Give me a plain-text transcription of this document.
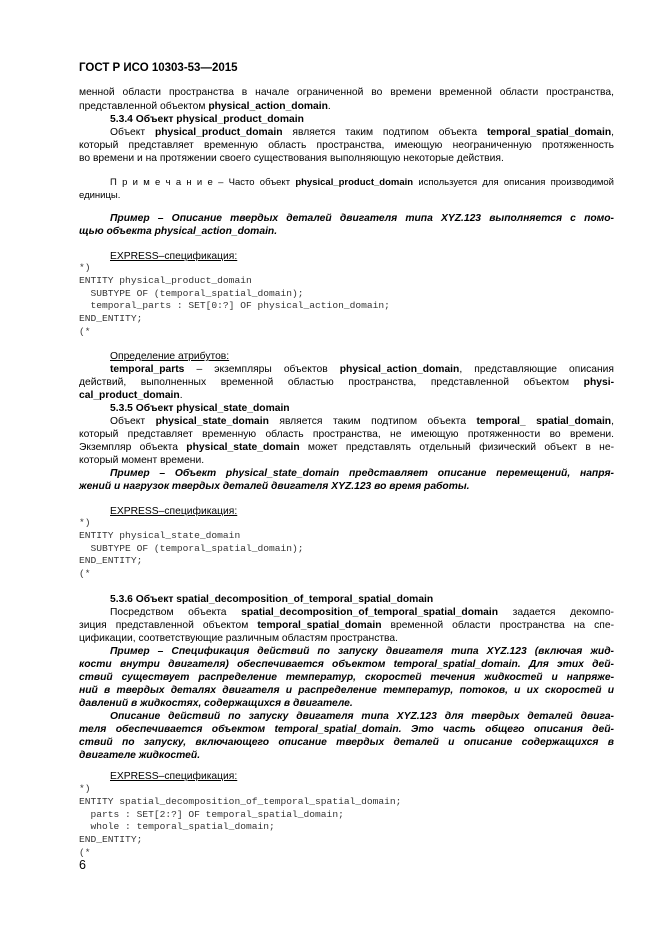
ГОСТ Р ИСО 10303-53—2015
менной области пространства в начале ограниченной во времени временной области пространства,
представленной объектом physical_action_domain.
5.3.4 Объект physical_product_domain
Объект physical_product_domain является таким подтипом объекта temporal_spatial_domain,
который представляет временную область пространства, имеющую неограниченную протяженность
во времени и на протяжении своего существования выполняющую некоторые действия.
П р и м е ч а н и е – Часто объект physical_product_domain используется для описания производимой
единицы.
Пример – Описание твердых деталей двигателя типа XYZ.123 выполняется с помо-
щью объекта physical_action_domain.
Определение атрибутов:
temporal_parts – экземпляры объектов physical_action_domain, представляющие описания
действий, выполненных временной областью пространства, представленной объектом physi-
cal_product_domain.
5.3.5 Объект physical_state_domain
Объект physical_state_domain является таким подтипом объекта temporal_ spatial_domain,
который представляет временную область пространства, не имеющую протяженности во времени.
Экземпляр объекта physical_state_domain может представлять отдельный физический объект в не-
который момент времени.
Пример – Объект physical_state_domain представляет описание перемещений, напря-
жений и нагрузок твердых деталей двигателя XYZ.123 во время работы.
5.3.6 Объект spatial_decomposition_of_temporal_spatial_domain
Посредством объекта spatial_decomposition_of_temporal_spatial_domain задается декомпо-
зиция представленной объектом temporal_spatial_domain временной области пространства на спе-
цификации, соответствующие различным областям пространства.
Пример – Спецификация действий по запуску двигателя типа XYZ.123 (включая жид-
кости внутри двигателя) обеспечивается объектом temporal_spatial_domain. Для этих дей-
ствий существует распределение температур, скоростей течения жидкостей и напряже-
ний в твердых деталях двигателя и распределение температур, потоков, и их скоростей и
давлений в жидкостях, содержащихся в двигателе.
Описание действий по запуску двигателя типа XYZ.123 для твердых деталей двига-
теля обеспечивается объектом temporal_spatial_domain. Это часть общего описания дей-
ствий по запуску, включающего описание твердых деталей и описание содержащихся в
двигателе жидкостей.
EXPRESS–спецификация:
EXPRESS–спецификация:
EXPRESS–спецификация:
*)
ENTITY physical_product_domain
SUBTYPE OF (temporal_spatial_domain);
temporal_parts : SET[0:?] OF physical_action_domain;
END_ENTITY;
(*
*)
ENTITY physical_state_domain
SUBTYPE OF (temporal_spatial_domain);
END_ENTITY;
(*
*)
ENTITY spatial_decomposition_of_temporal_spatial_domain;
parts : SET[2:?] OF temporal_spatial_domain;
whole : temporal_spatial_domain;
END_ENTITY;
(*
6
